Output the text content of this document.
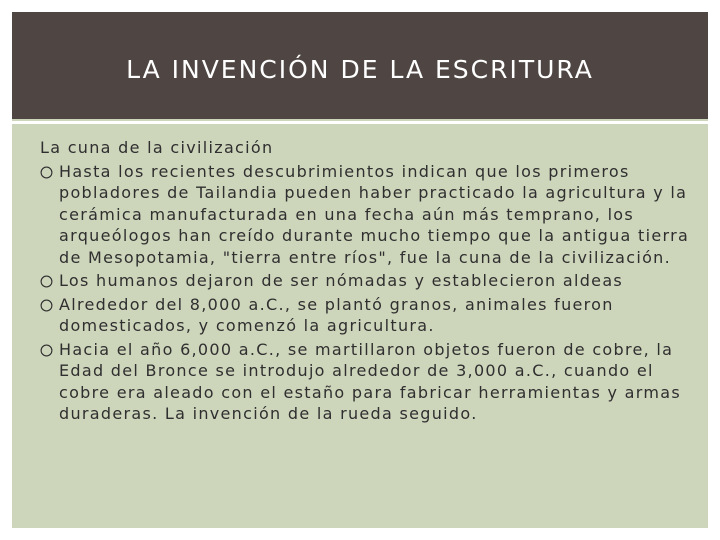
LA INVENCIÓN DE LA ESCRITURA
La cuna de la civilización
Hasta los recientes descubrimientos indican que los primeros pobladores de Tailandia pueden haber practicado la agricultura y la cerámica manufacturada en una fecha aún más temprano, los arqueólogos han creído durante mucho tiempo que la antigua tierra de Mesopotamia, "tierra entre ríos", fue la cuna de la civilización.
Los humanos dejaron de ser nómadas y establecieron aldeas
Alrededor del 8,000 a.C., se plantó granos, animales fueron domesticados, y comenzó la agricultura.
Hacia el año 6,000 a.C., se martillaron objetos fueron de cobre, la Edad del Bronce se introdujo alrededor de 3,000 a.C., cuando el cobre era aleado con el estaño para fabricar herramientas y armas duraderas. La invención de la rueda seguido.
